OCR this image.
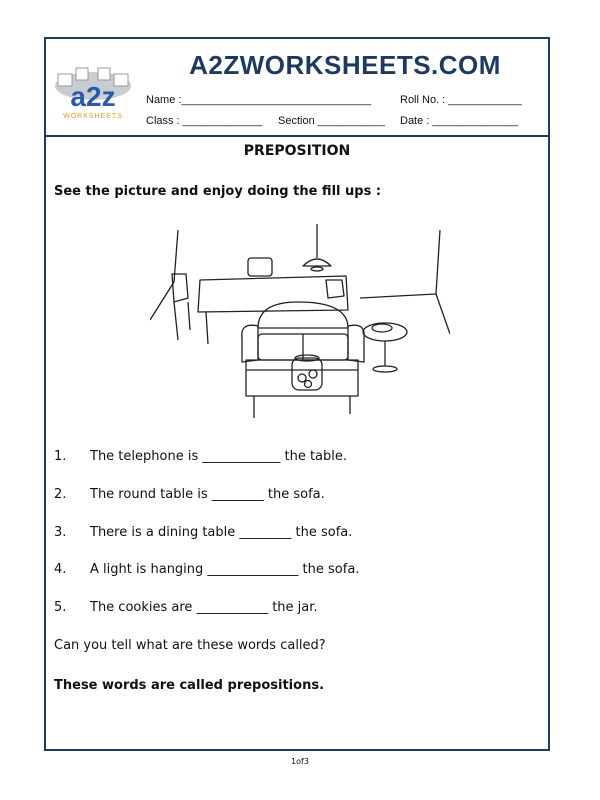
a2z
WORKSHEETS
A2ZWORKSHEETS.COM
Name :_______________________________	Roll No. : ____________
Class : _____________ Section ___________ Date : ______________
PREPOSITION
See the picture and enjoy doing the fill ups :
1. The telephone is ____________ the table.
2. The round table is ________ the sofa.
3. There is a dining table ________ the sofa.
4. A light is hanging ______________ the sofa.
5. The cookies are ___________ the jar.
Can you tell what are these words called?
These words are called prepositions.
1of3
